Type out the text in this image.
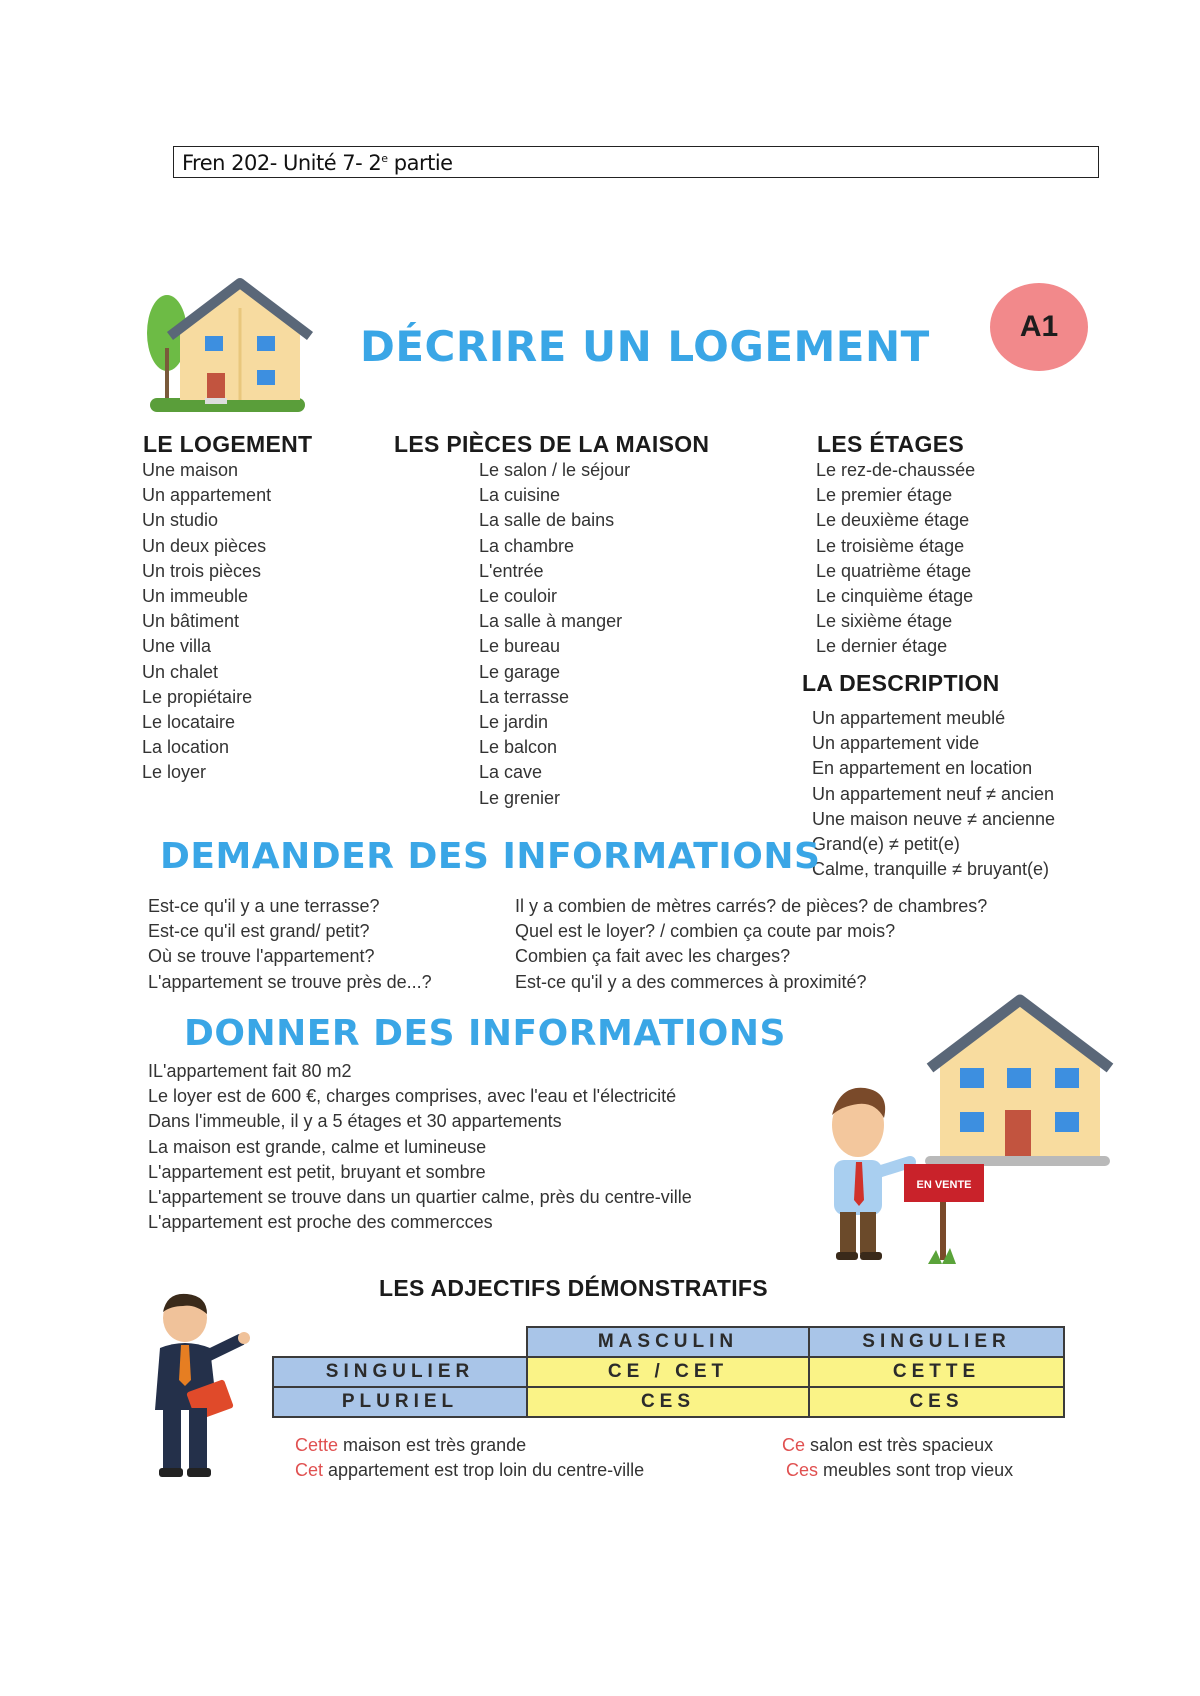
Fren 202- Unité 7- 2e partie
DÉCRIRE UN LOGEMENT	A1
LE LOGEMENT
Une maison
Un appartement
Un studio
Un deux pièces
Un trois pièces
Un immeuble
Un bâtiment
Une villa
Un chalet
Le propiétaire
Le locataire
La location
Le loyer
LES PIÈCES DE LA MAISON
Le salon / le séjour
La cuisine
La salle de bains
La chambre
L'entrée
Le couloir
La salle à manger
Le bureau
Le garage
La terrasse
Le jardin
Le balcon
La cave
Le grenier
LES ÉTAGES
Le rez-de-chaussée
Le premier étage
Le deuxième étage
Le troisième étage
Le quatrième étage
Le cinquième étage
Le sixième étage
Le dernier étage
LA DESCRIPTION
Un appartement meublé
Un appartement vide
En appartement en location
Un appartement neuf ≠ ancien
Une maison neuve ≠ ancienne
Grand(e) ≠ petit(e)
Calme, tranquille ≠ bruyant(e)
DEMANDER DES INFORMATIONS
Est-ce qu'il y a une terrasse?
Est-ce qu'il est grand/ petit?
Où se trouve l'appartement?
L'appartement se trouve près de...?
Il y a combien de mètres carrés? de pièces? de chambres?
Quel est le loyer? / combien ça coute par mois?
Combien ça fait avec les charges?
Est-ce qu'il y a des commerces à proximité?
DONNER DES INFORMATIONS
IL'appartement fait 80 m2
Le loyer est de 600 €, charges comprises, avec l'eau et l'électricité
Dans l'immeuble, il y a 5 étages et 30 appartements
La maison est grande, calme et lumineuse
L'appartement est petit, bruyant et sombre
L'appartement se trouve dans un quartier calme, près du centre-ville
L'appartement est proche des commercces
EN VENTE
LES ADJECTIFS DÉMONSTRATIFS
	MASCULIN	SINGULIER
SINGULIER	CE / CET	CETTE
PLURIEL	CES	CES
Cette maison est très grande
Cet appartement est trop loin du centre-ville
Ce salon est très spacieux
Ces meubles sont trop vieux
